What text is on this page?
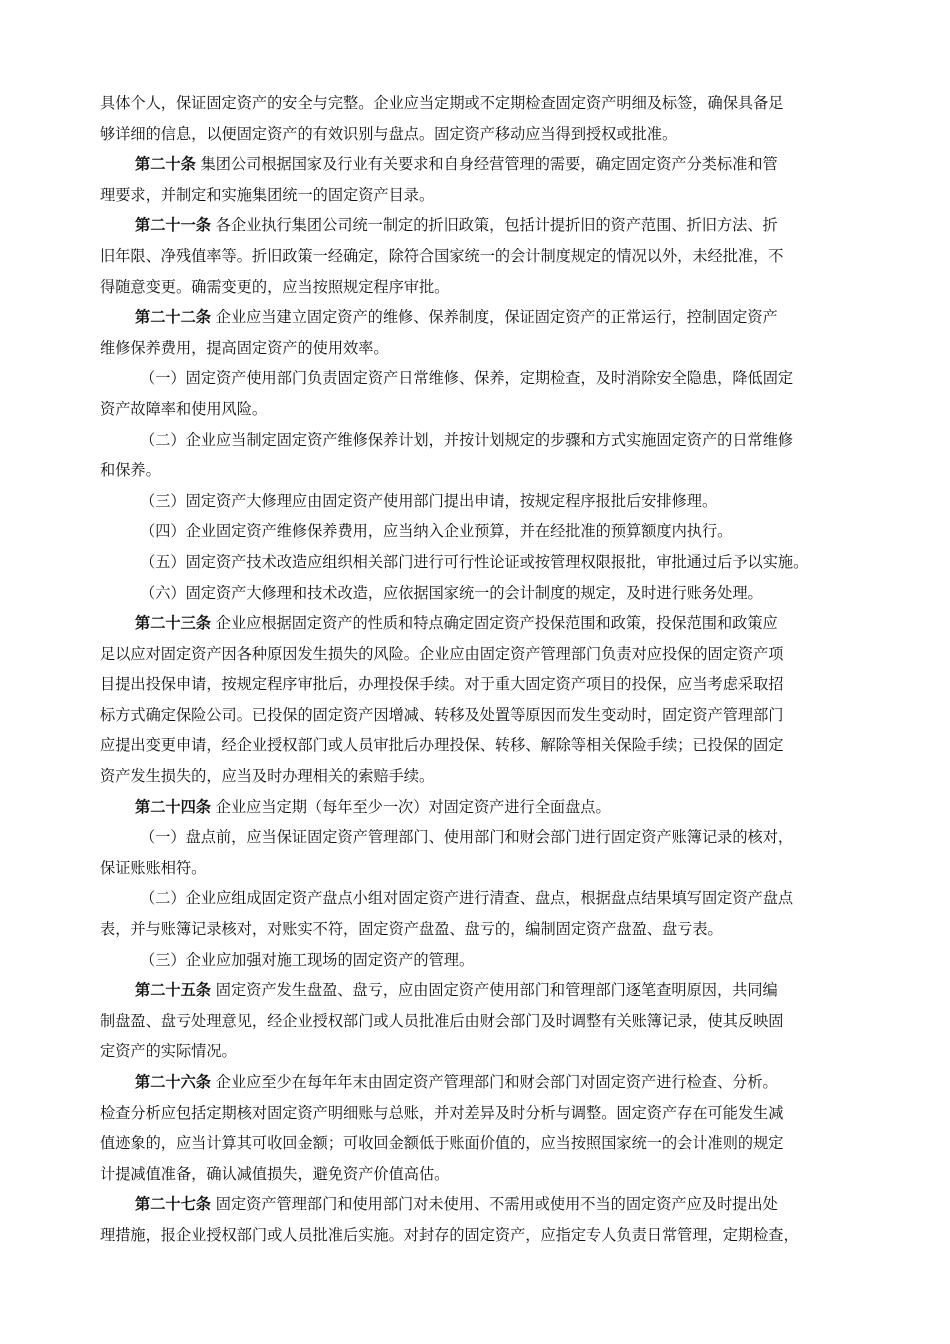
具体个人，保证固定资产的安全与完整。企业应当定期或不定期检查固定资产明细及标签，确保具备足
够详细的信息，以便固定资产的有效识别与盘点。固定资产移动应当得到授权或批准。
第二十条 集团公司根据国家及行业有关要求和自身经营管理的需要，确定固定资产分类标准和管
理要求，并制定和实施集团统一的固定资产目录。
第二十一条 各企业执行集团公司统一制定的折旧政策，包括计提折旧的资产范围、折旧方法、折
旧年限、净残值率等。折旧政策一经确定，除符合国家统一的会计制度规定的情况以外，未经批准，不
得随意变更。确需变更的，应当按照规定程序审批。
第二十二条 企业应当建立固定资产的维修、保养制度，保证固定资产的正常运行，控制固定资产
维修保养费用，提高固定资产的使用效率。
（一）固定资产使用部门负责固定资产日常维修、保养，定期检查，及时消除安全隐患，降低固定
资产故障率和使用风险。
（二）企业应当制定固定资产维修保养计划，并按计划规定的步骤和方式实施固定资产的日常维修
和保养。
（三）固定资产大修理应由固定资产使用部门提出申请，按规定程序报批后安排修理。
（四）企业固定资产维修保养费用，应当纳入企业预算，并在经批准的预算额度内执行。
（五）固定资产技术改造应组织相关部门进行可行性论证或按管理权限报批，审批通过后予以实施。
（六）固定资产大修理和技术改造，应依据国家统一的会计制度的规定，及时进行账务处理。
第二十三条 企业应根据固定资产的性质和特点确定固定资产投保范围和政策，投保范围和政策应
足以应对固定资产因各种原因发生损失的风险。企业应由固定资产管理部门负责对应投保的固定资产项
目提出投保申请，按规定程序审批后，办理投保手续。对于重大固定资产项目的投保，应当考虑采取招
标方式确定保险公司。已投保的固定资产因增减、转移及处置等原因而发生变动时，固定资产管理部门
应提出变更申请，经企业授权部门或人员审批后办理投保、转移、解除等相关保险手续；已投保的固定
资产发生损失的，应当及时办理相关的索赔手续。
第二十四条 企业应当定期（每年至少一次）对固定资产进行全面盘点。
（一）盘点前，应当保证固定资产管理部门、使用部门和财会部门进行固定资产账簿记录的核对，
保证账账相符。
（二）企业应组成固定资产盘点小组对固定资产进行清查、盘点，根据盘点结果填写固定资产盘点
表，并与账簿记录核对，对账实不符，固定资产盘盈、盘亏的，编制固定资产盘盈、盘亏表。
（三）企业应加强对施工现场的固定资产的管理。
第二十五条 固定资产发生盘盈、盘亏，应由固定资产使用部门和管理部门逐笔查明原因，共同编
制盘盈、盘亏处理意见，经企业授权部门或人员批准后由财会部门及时调整有关账簿记录，使其反映固
定资产的实际情况。
第二十六条 企业应至少在每年年末由固定资产管理部门和财会部门对固定资产进行检查、分析。
检查分析应包括定期核对固定资产明细账与总账，并对差异及时分析与调整。固定资产存在可能发生减
值迹象的，应当计算其可收回金额；可收回金额低于账面价值的，应当按照国家统一的会计准则的规定
计提减值准备，确认减值损失，避免资产价值高估。
第二十七条 固定资产管理部门和使用部门对未使用、不需用或使用不当的固定资产应及时提出处
理措施，报企业授权部门或人员批准后实施。对封存的固定资产，应指定专人负责日常管理，定期检查，
